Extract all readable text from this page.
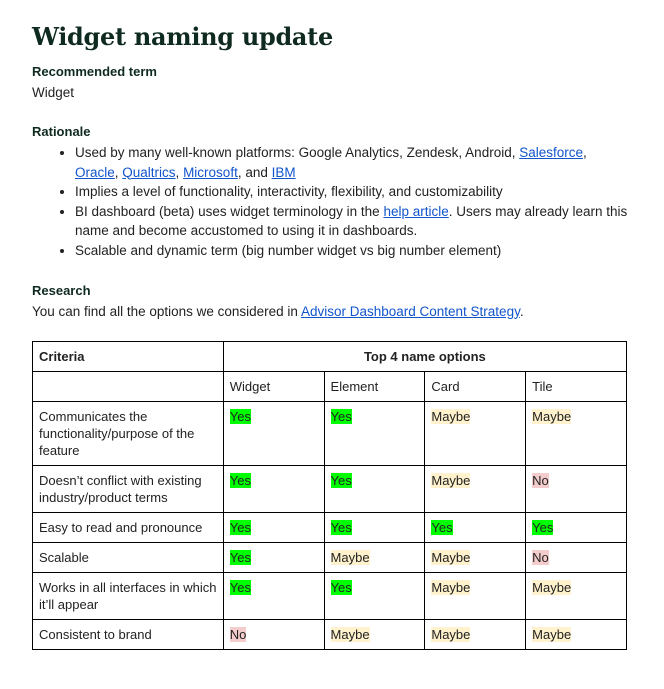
Widget naming update
Recommended term

Widget

Rationale
• Used by many well-known platforms: Google Analytics, Zendesk, Android, Salesforce, Oracle, Qualtrics, Microsoft, and IBM
• Implies a level of functionality, interactivity, flexibility, and customizability
• BI dashboard (beta) uses widget terminology in the help article. Users may already learn this name and become accustomed to using it in dashboards.
• Scalable and dynamic term (big number widget vs big number element)
Research

You can find all the options we considered in Advisor Dashboard Content Strategy.

Criteria	Top 4 name options			
	Widget	Element	Card	Tile
Communicates the functionality/purpose of the feature	Yes	Yes	Maybe	Maybe
Doesn’t conflict with existing industry/product terms	Yes	Yes	Maybe	No
Easy to read and pronounce	Yes	Yes	Yes	Yes
Scalable	Yes	Maybe	Maybe	No
Works in all interfaces in which it’ll appear	Yes	Yes	Maybe	Maybe
Consistent to brand	No	Maybe	Maybe	Maybe
